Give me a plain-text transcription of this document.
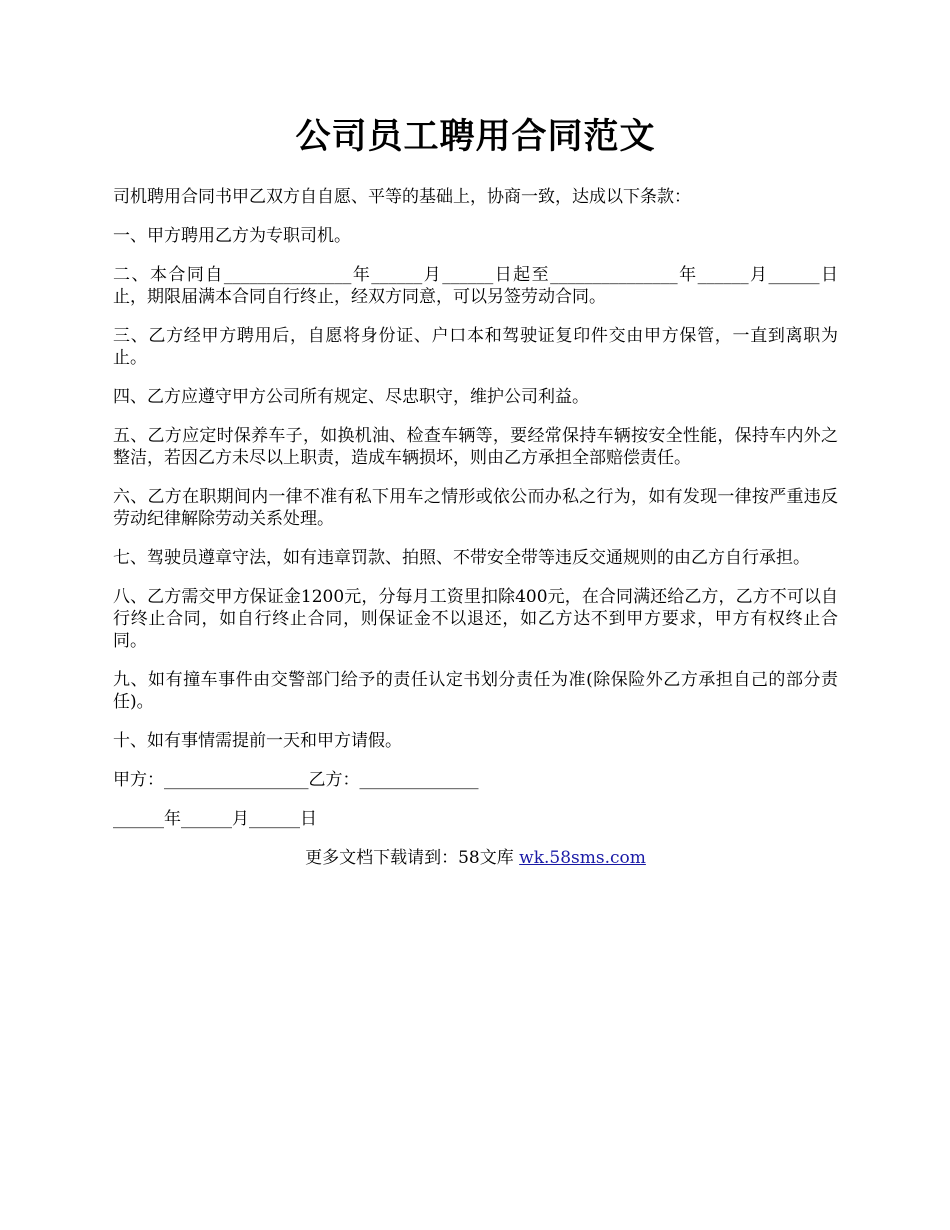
公司员工聘用合同范文

司机聘用合同书甲乙双方自自愿、平等的基础上，协商一致，达成以下条款：

一、甲方聘用乙方为专职司机。

二、本合同自_______________年______月______日起至_______________年______月______日止，期限届满本合同自行终止，经双方同意，可以另签劳动合同。

三、乙方经甲方聘用后，自愿将身份证、户口本和驾驶证复印件交由甲方保管，一直到离职为止。

四、乙方应遵守甲方公司所有规定、尽忠职守，维护公司利益。

五、乙方应定时保养车子，如换机油、检查车辆等，要经常保持车辆按安全性能，保持车内外之整洁，若因乙方未尽以上职责，造成车辆损坏，则由乙方承担全部赔偿责任。

六、乙方在职期间内一律不准有私下用车之情形或依公而办私之行为，如有发现一律按严重违反劳动纪律解除劳动关系处理。

七、驾驶员遵章守法，如有违章罚款、拍照、不带安全带等违反交通规则的由乙方自行承担。

八、乙方需交甲方保证金1200元，分每月工资里扣除400元，在合同满还给乙方，乙方不可以自行终止合同，如自行终止合同，则保证金不以退还，如乙方达不到甲方要求，甲方有权终止合同。

九、如有撞车事件由交警部门给予的责任认定书划分责任为准(除保险外乙方承担自己的部分责任)。

十、如有事情需提前一天和甲方请假。

甲方：_________________乙方：______________

______年______月______日

更多文档下载请到：58文库 wk.58sms.com
